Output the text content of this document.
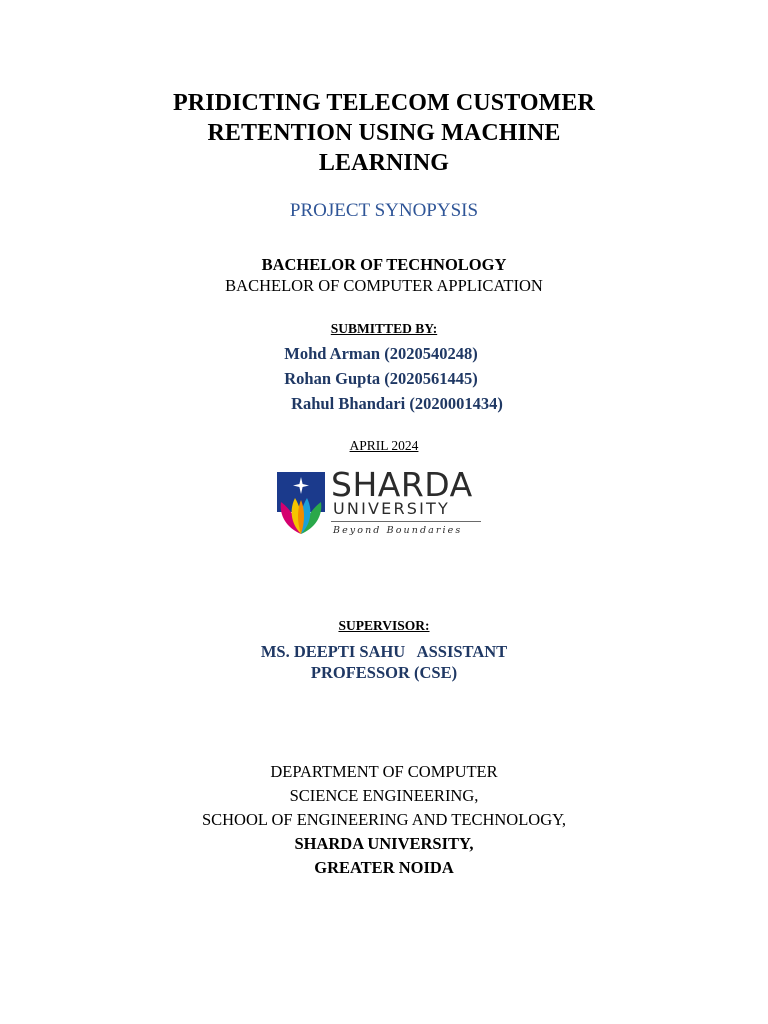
PRIDICTING TELECOM CUSTOMER
RETENTION USING MACHINE
LEARNING
PROJECT SYNOPYSIS
BACHELOR OF TECHNOLOGY
BACHELOR OF COMPUTER APPLICATION
SUBMITTED BY:
Mohd Arman (2020540248)
Rohan Gupta (2020561445)
Rahul Bhandari (2020001434)
APRIL 2024
SHARDA
UNIVERSITY
Beyond Boundaries
SUPERVISOR:
MS. DEEPTI SAHU   ASSISTANT
PROFESSOR (CSE)
DEPARTMENT OF COMPUTER
SCIENCE ENGINEERING,
SCHOOL OF ENGINEERING AND TECHNOLOGY,
SHARDA UNIVERSITY,
GREATER NOIDA
